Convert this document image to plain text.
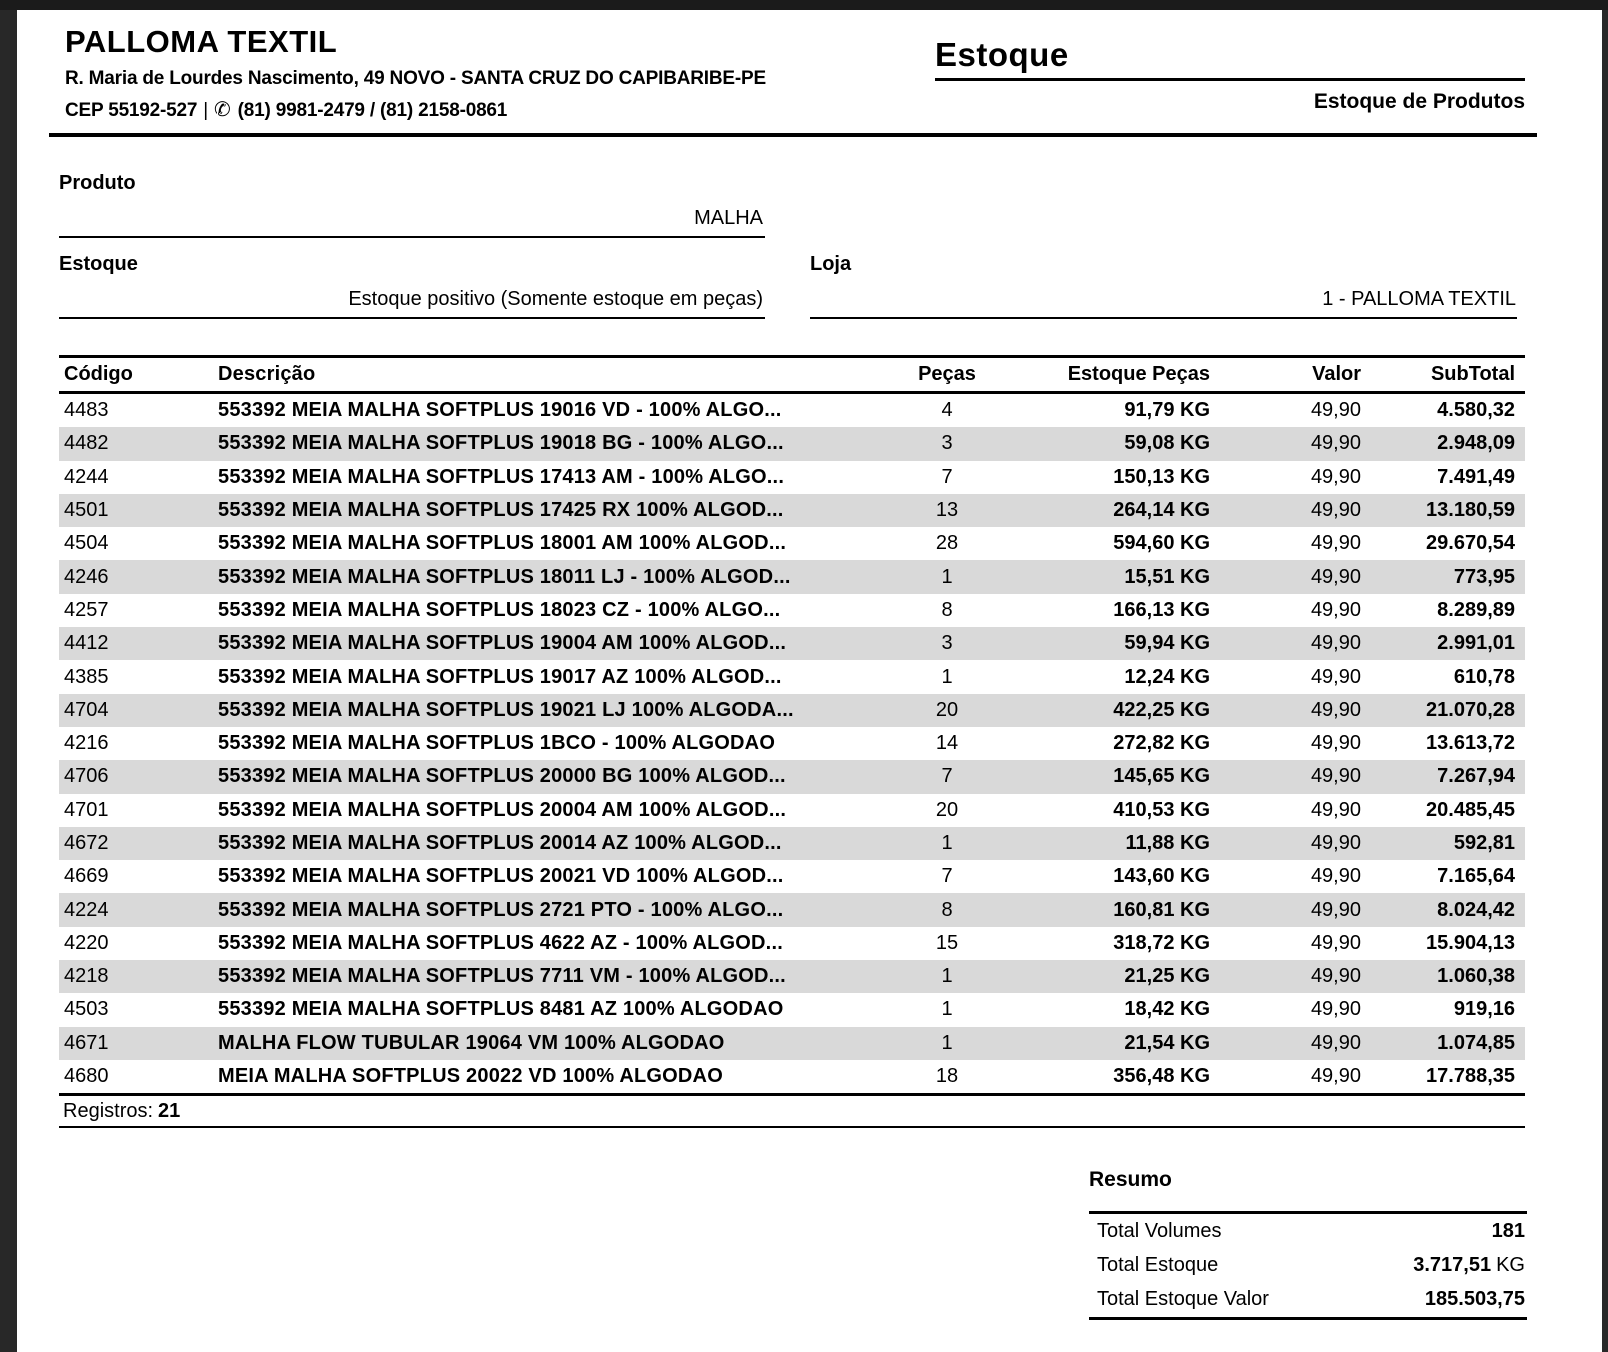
PALLOMA TEXTIL
R. Maria de Lourdes Nascimento, 49 NOVO - SANTA CRUZ DO CAPIBARIBE-PE
CEP 55192-527 | ✆ (81) 9981-2479 / (81) 2158-0861
Estoque
Estoque de Produtos
Produto
MALHA
Estoque
Estoque positivo (Somente estoque em peças)
Loja
1 - PALLOMA TEXTIL
Código	Descrição	Peças	Estoque Peças	Valor	SubTotal
4483	553392 MEIA MALHA SOFTPLUS 19016 VD - 100% ALGO...	4	91,79 KG	49,90	4.580,32
4482	553392 MEIA MALHA SOFTPLUS 19018 BG - 100% ALGO...	3	59,08 KG	49,90	2.948,09
4244	553392 MEIA MALHA SOFTPLUS 17413 AM - 100% ALGO...	7	150,13 KG	49,90	7.491,49
4501	553392 MEIA MALHA SOFTPLUS 17425 RX 100% ALGOD...	13	264,14 KG	49,90	13.180,59
4504	553392 MEIA MALHA SOFTPLUS 18001 AM 100% ALGOD...	28	594,60 KG	49,90	29.670,54
4246	553392 MEIA MALHA SOFTPLUS 18011 LJ - 100% ALGOD...	1	15,51 KG	49,90	773,95
4257	553392 MEIA MALHA SOFTPLUS 18023 CZ - 100% ALGO...	8	166,13 KG	49,90	8.289,89
4412	553392 MEIA MALHA SOFTPLUS 19004 AM 100% ALGOD...	3	59,94 KG	49,90	2.991,01
4385	553392 MEIA MALHA SOFTPLUS 19017 AZ 100% ALGOD...	1	12,24 KG	49,90	610,78
4704	553392 MEIA MALHA SOFTPLUS 19021 LJ 100% ALGODA...	20	422,25 KG	49,90	21.070,28
4216	553392 MEIA MALHA SOFTPLUS 1BCO - 100% ALGODAO	14	272,82 KG	49,90	13.613,72
4706	553392 MEIA MALHA SOFTPLUS 20000 BG 100% ALGOD...	7	145,65 KG	49,90	7.267,94
4701	553392 MEIA MALHA SOFTPLUS 20004 AM 100% ALGOD...	20	410,53 KG	49,90	20.485,45
4672	553392 MEIA MALHA SOFTPLUS 20014 AZ 100% ALGOD...	1	11,88 KG	49,90	592,81
4669	553392 MEIA MALHA SOFTPLUS 20021 VD 100% ALGOD...	7	143,60 KG	49,90	7.165,64
4224	553392 MEIA MALHA SOFTPLUS 2721 PTO - 100% ALGO...	8	160,81 KG	49,90	8.024,42
4220	553392 MEIA MALHA SOFTPLUS 4622 AZ - 100% ALGOD...	15	318,72 KG	49,90	15.904,13
4218	553392 MEIA MALHA SOFTPLUS 7711 VM - 100% ALGOD...	1	21,25 KG	49,90	1.060,38
4503	553392 MEIA MALHA SOFTPLUS 8481 AZ 100% ALGODAO	1	18,42 KG	49,90	919,16
4671	MALHA FLOW TUBULAR 19064 VM 100% ALGODAO	1	21,54 KG	49,90	1.074,85
4680	MEIA MALHA SOFTPLUS 20022 VD 100% ALGODAO	18	356,48 KG	49,90	17.788,35
Registros: 21
Resumo
Total Volumes	181
Total Estoque	3.717,51 KG
Total Estoque Valor	185.503,75
